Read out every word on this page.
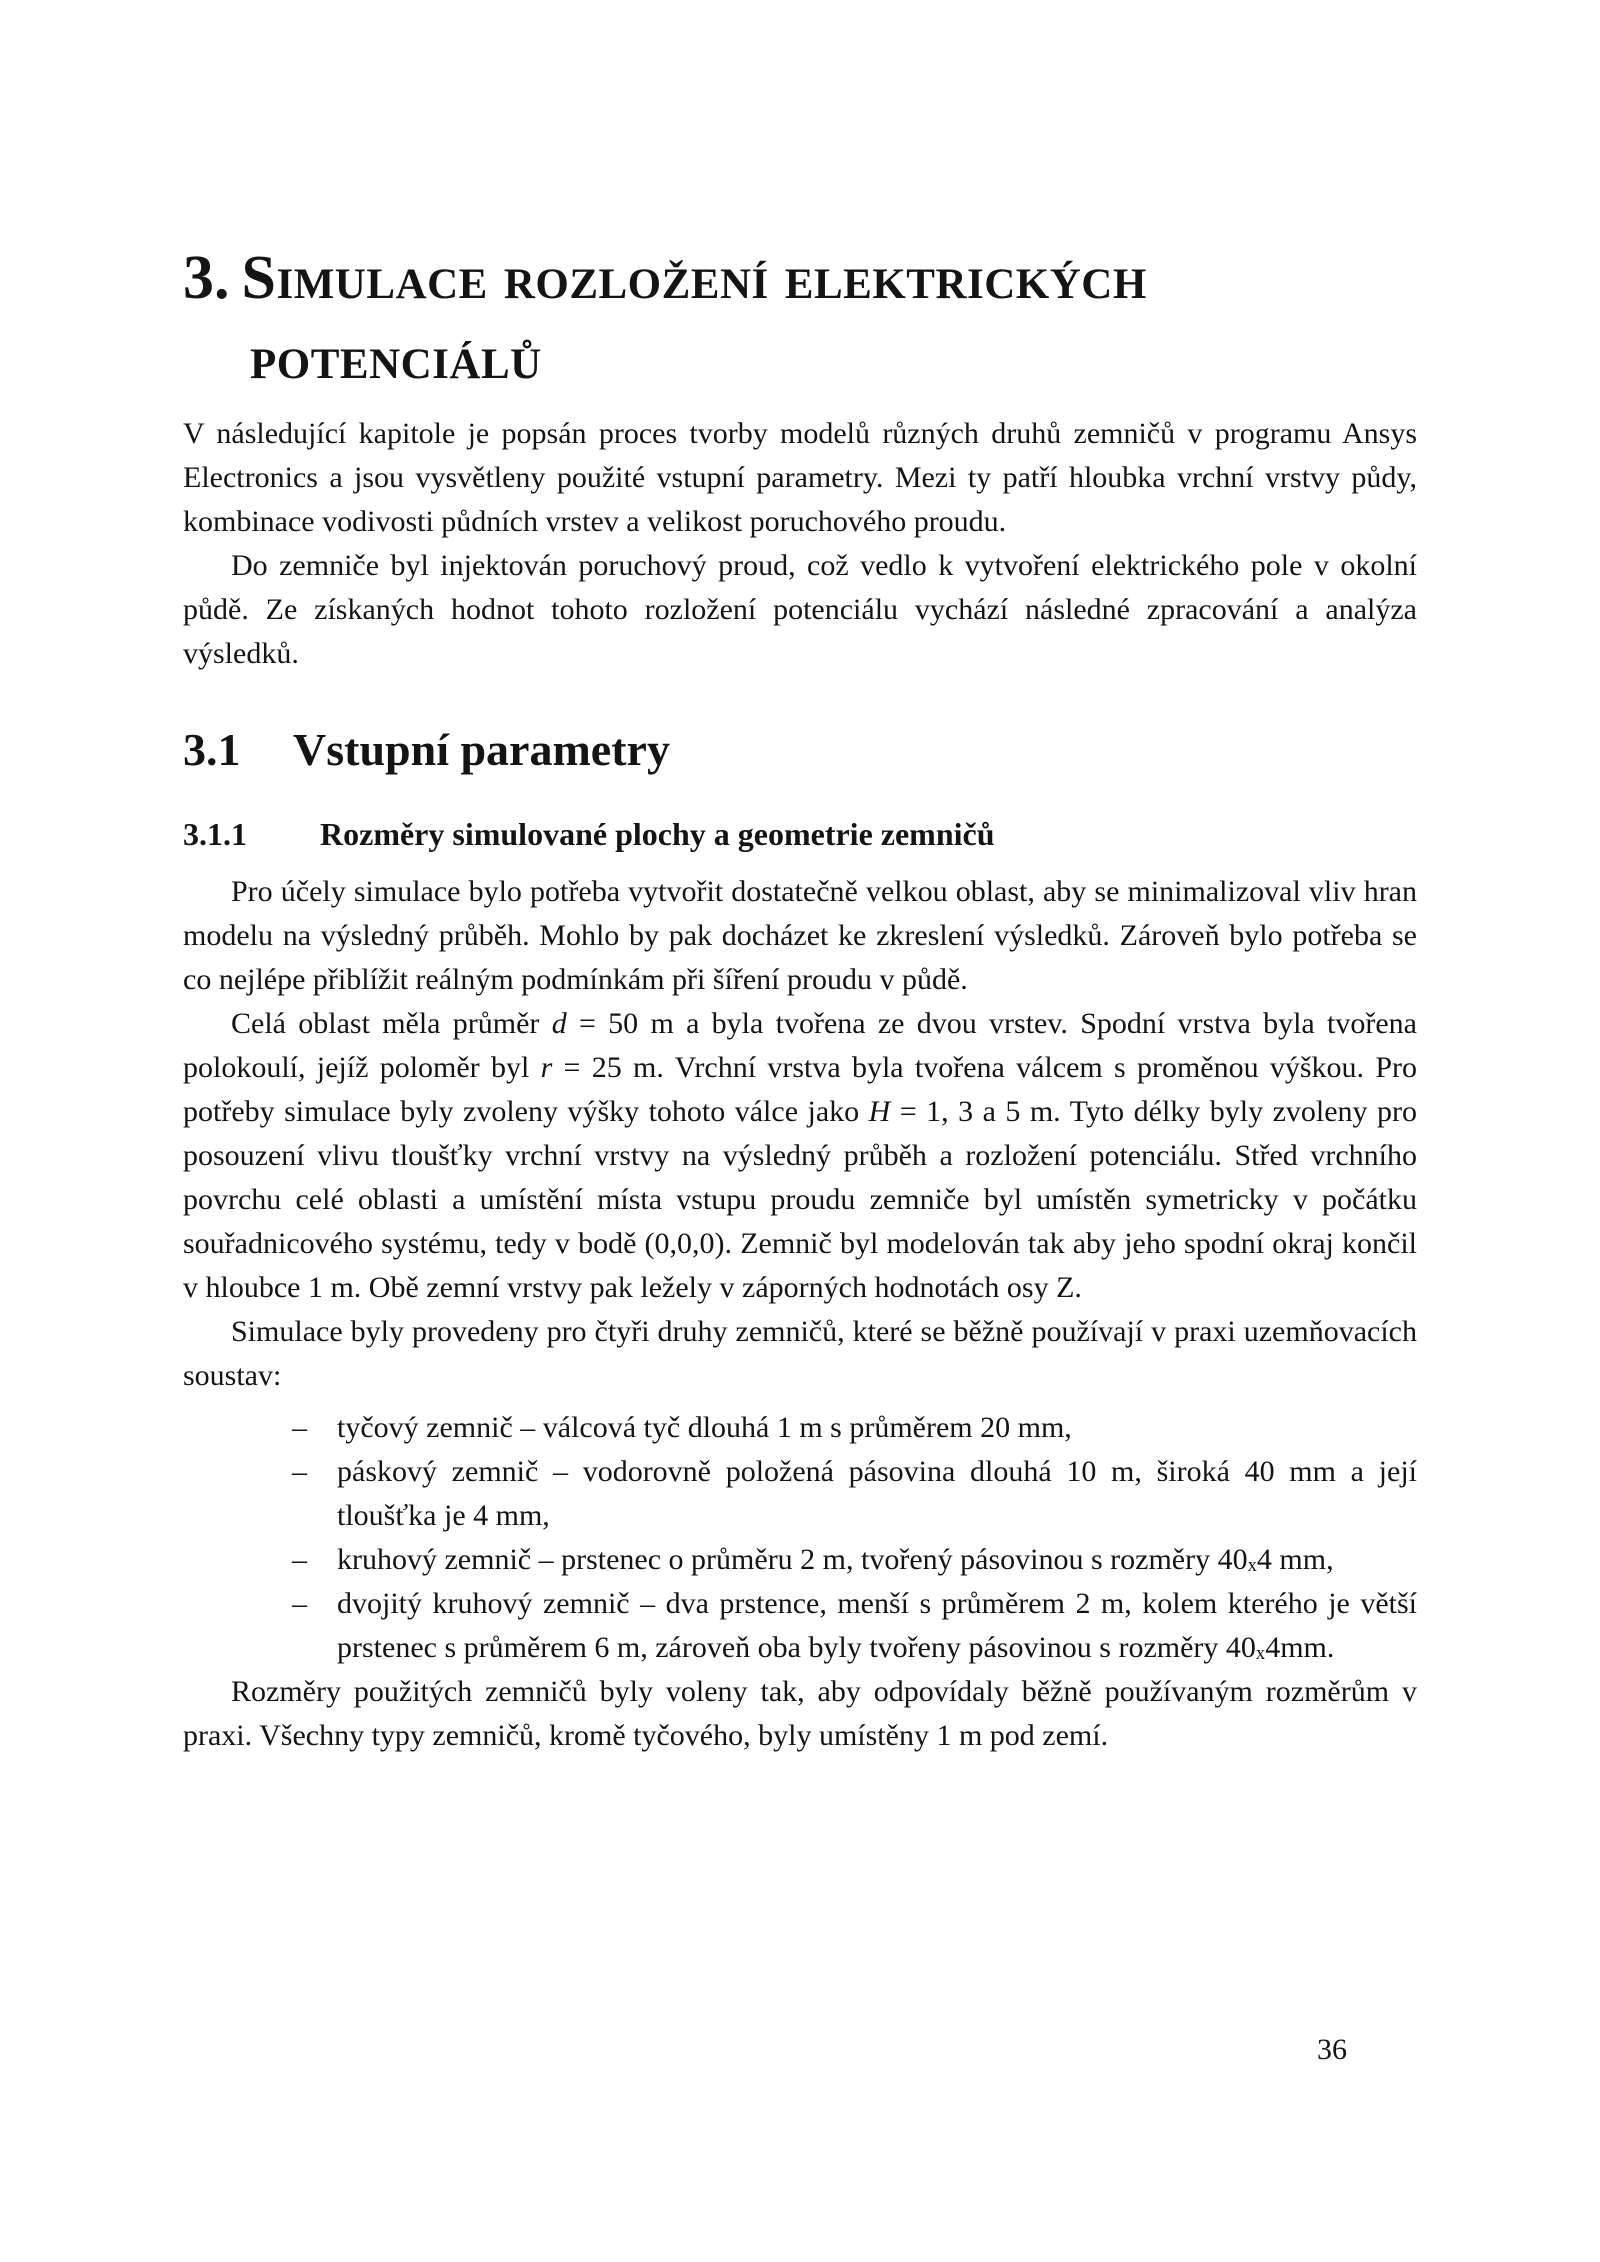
3. Simulace rozložení elektrických potenciálů

V následující kapitole je popsán proces tvorby modelů různých druhů zemničů v programu Ansys Electronics a jsou vysvětleny použité vstupní parametry. Mezi ty patří hloubka vrchní vrstvy půdy, kombinace vodivosti půdních vrstev a velikost poruchového proudu.

Do zemniče byl injektován poruchový proud, což vedlo k vytvoření elektrického pole v okolní půdě. Ze získaných hodnot tohoto rozložení potenciálu vychází následné zpracování a analýza výsledků.

3.1 Vstupní parametry
3.1.1 Rozměry simulované plochy a geometrie zemničů

Pro účely simulace bylo potřeba vytvořit dostatečně velkou oblast, aby se minimalizoval vliv hran modelu na výsledný průběh. Mohlo by pak docházet ke zkreslení výsledků. Zároveň bylo potřeba se co nejlépe přiblížit reálným podmínkám při šíření proudu v půdě.

Celá oblast měla průměr d = 50 m a byla tvořena ze dvou vrstev. Spodní vrstva byla tvořena polokoulí, jejíž poloměr byl r = 25 m. Vrchní vrstva byla tvořena válcem s proměnou výškou. Pro potřeby simulace byly zvoleny výšky tohoto válce jako H = 1, 3 a 5 m. Tyto délky byly zvoleny pro posouzení vlivu tloušťky vrchní vrstvy na výsledný průběh a rozložení potenciálu. Střed vrchního povrchu celé oblasti a umístění místa vstupu proudu zemniče byl umístěn symetricky v počátku souřadnicového systému, tedy v bodě (0,0,0). Zemnič byl modelován tak aby jeho spodní okraj končil v hloubce 1 m. Obě zemní vrstvy pak ležely v záporných hodnotách osy Z.

Simulace byly provedeny pro čtyři druhy zemničů, které se běžně používají v praxi uzemňovacích soustav:

– tyčový zemnič – válcová tyč dlouhá 1 m s průměrem 20 mm,
– páskový zemnič – vodorovně položená pásovina dlouhá 10 m, široká 40 mm a její tloušťka je 4 mm,
– kruhový zemnič – prstenec o průměru 2 m, tvořený pásovinou s rozměry $40_x4$ mm,
– dvojitý kruhový zemnič – dva prstence, menší s průměrem 2 m, kolem kterého je větší prstenec s průměrem 6 m, zároveň oba byly tvořeny pásovinou s rozměry $40_x4mm$.

Rozměry použitých zemničů byly voleny tak, aby odpovídaly běžně používaným rozměrům v praxi. Všechny typy zemničů, kromě tyčového, byly umístěny 1 m pod zemí.

36
